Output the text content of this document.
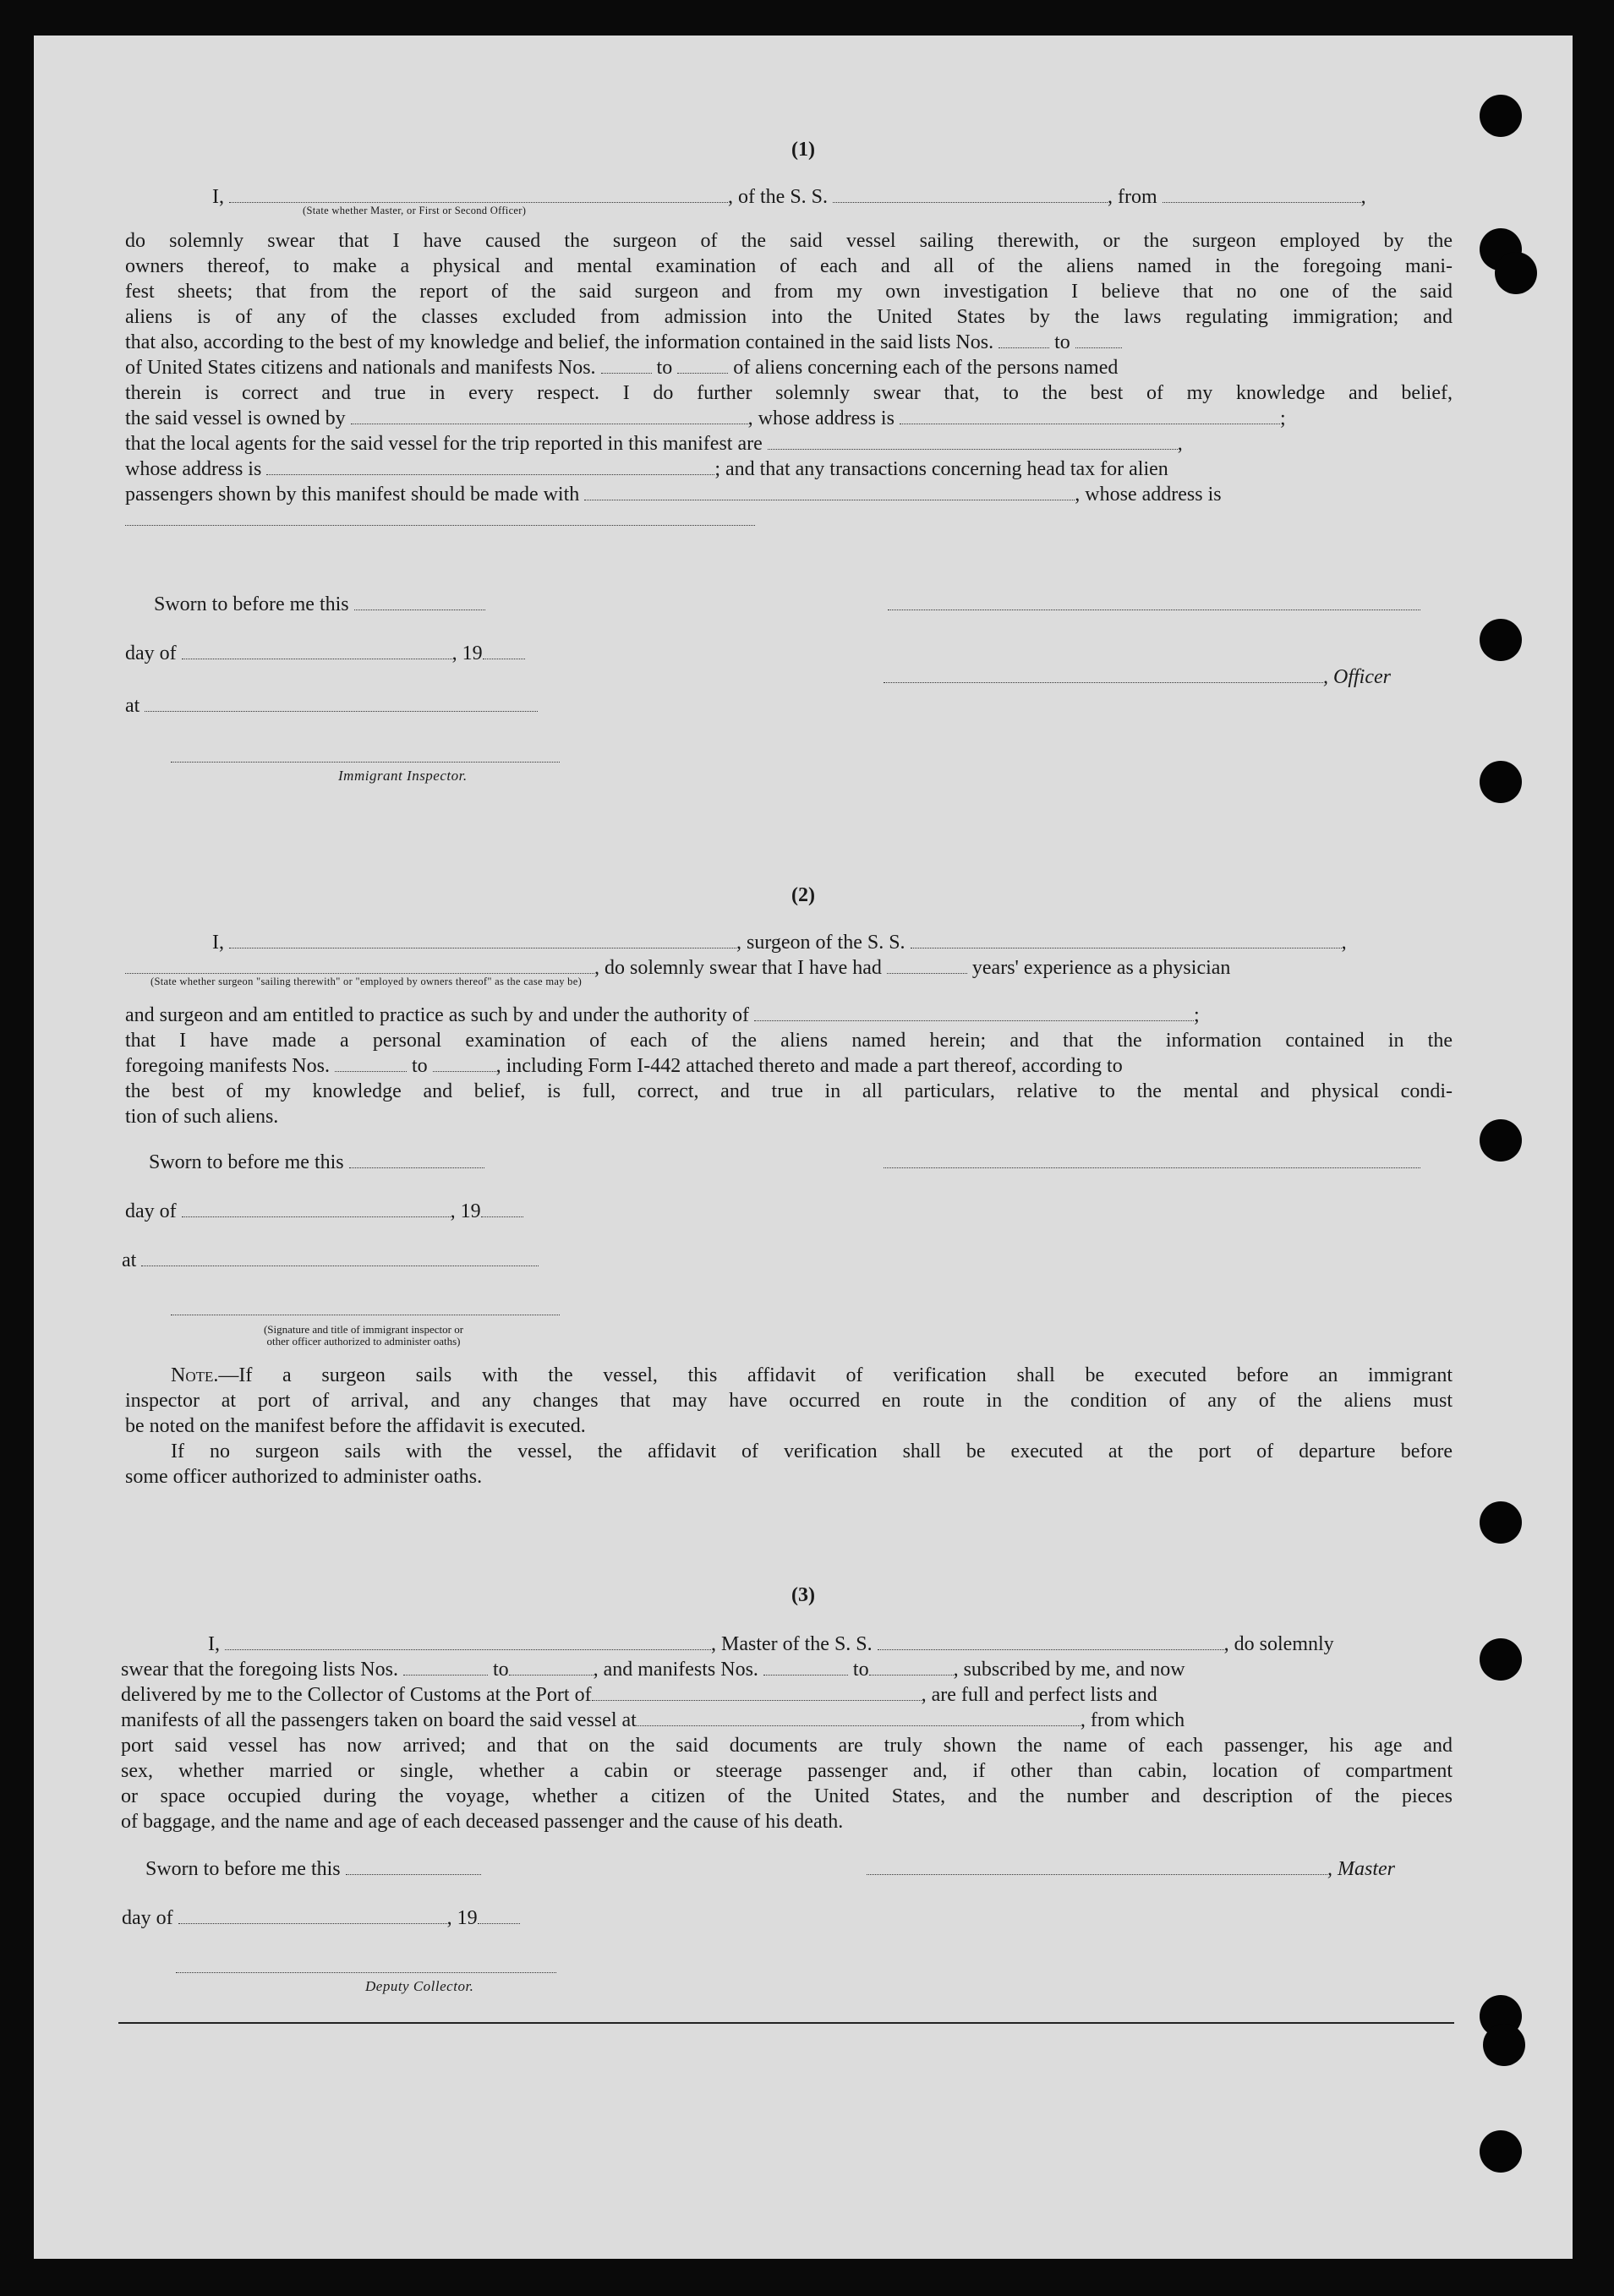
(1)

I,	, of the S. S.	, from	,

(State whether Master, or First or Second Officer)

do solemnly swear that I have caused the surgeon of the said vessel sailing therewith, or the surgeon employed by the

owners thereof, to make a physical and mental examination of each and all of the aliens named in the foregoing mani-

fest sheets; that from the report of the said surgeon and from my own investigation I believe that no one of the said

aliens is of any of the classes excluded from admission into the United States by the laws regulating immigration; and

that also, according to the best of my knowledge and belief, the information contained in the said lists Nos.	to

of United States citizens and nationals and manifests Nos.	to	of aliens concerning each of the persons named

therein is correct and true in every respect. I do further solemnly swear that, to the best of my knowledge and belief,

the said vessel is owned by	, whose address is	;

that the local agents for the said vessel for the trip reported in this manifest are	,

whose address is	; and that any transactions concerning head tax for alien

passengers shown by this manifest should be made with	, whose address is

Sworn to before me this
day of	, 19
, Officer
at
Immigrant Inspector.
(2)

I,	, surgeon of the S. S.	,

, do solemnly swear that I have had	years' experience as a physician

(State whether surgeon "sailing therewith" or "employed by owners thereof" as the case may be)

and surgeon and am entitled to practice as such by and under the authority of	;

that I have made a personal examination of each of the aliens named herein; and that the information contained in the

foregoing manifests Nos.	to	, including Form I-442 attached thereto and made a part thereof, according to

the best of my knowledge and belief, is full, correct, and true in all particulars, relative to the mental and physical condi-

tion of such aliens.

Sworn to before me this
day of	, 19
at
(Signature and title of immigrant inspector or
other officer authorized to administer oaths)

Note.—If a surgeon sails with the vessel, this affidavit of verification shall be executed before an immigrant

inspector at port of arrival, and any changes that may have occurred en route in the condition of any of the aliens must

be noted on the manifest before the affidavit is executed.

If no surgeon sails with the vessel, the affidavit of verification shall be executed at the port of departure before

some officer authorized to administer oaths.

(3)

I,	, Master of the S. S.	, do solemnly

swear that the foregoing lists Nos.	to	, and manifests Nos.	to	, subscribed by me, and now

delivered by me to the Collector of Customs at the Port of	, are full and perfect lists and

manifests of all the passengers taken on board the said vessel at	, from which

port said vessel has now arrived; and that on the said documents are truly shown the name of each passenger, his age and

sex, whether married or single, whether a cabin or steerage passenger and, if other than cabin, location of compartment

or space occupied during the voyage, whether a citizen of the United States, and the number and description of the pieces

of baggage, and the name and age of each deceased passenger and the cause of his death.

Sworn to before me this	, Master
day of	, 19
Deputy Collector.
